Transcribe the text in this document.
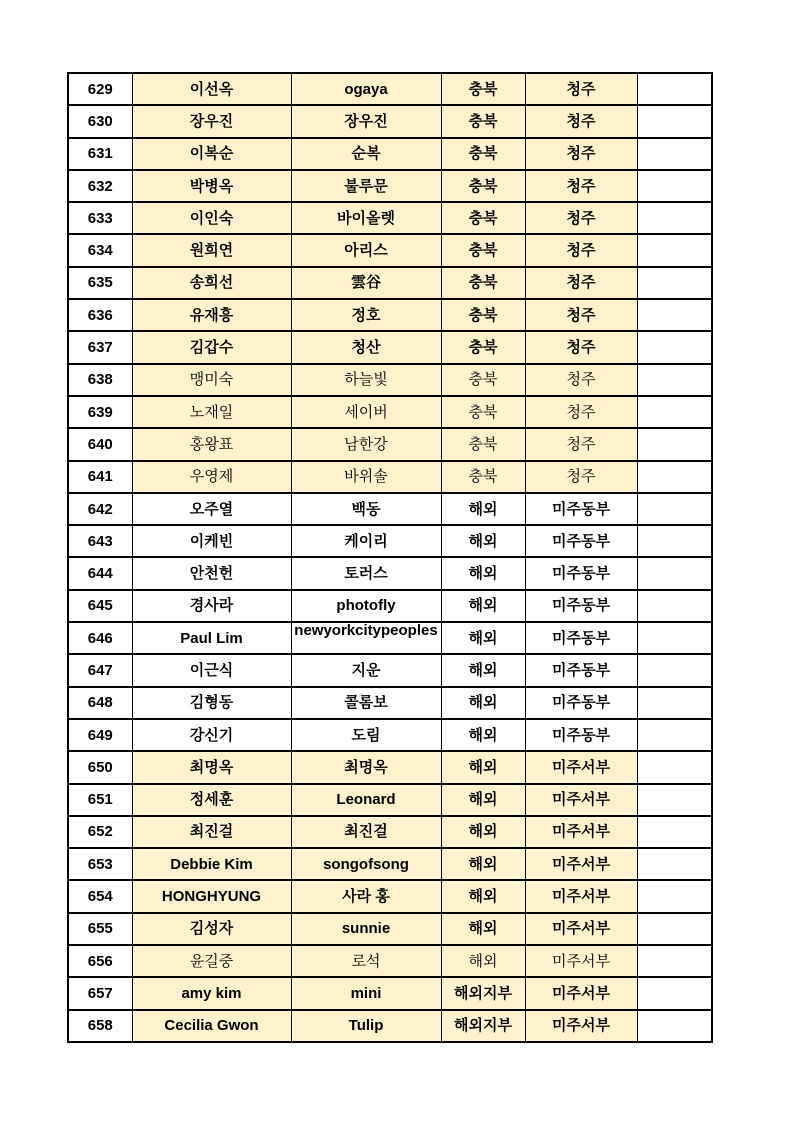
629	이선옥	ogaya	충북	청주	
630	장우진	장우진	충북	청주	
631	이복순	순복	충북	청주	
632	박병옥	불루문	충북	청주	
633	이인숙	바이올렛	충북	청주	
634	원희연	아리스	충북	청주	
635	송희선	雲谷	충북	청주	
636	유재흥	정호	충북	청주	
637	김갑수	청산	충북	청주	
638	맹미숙	하늘빛	충북	청주	
639	노재일	세이버	충북	청주	
640	홍왕표	남한강	충북	청주	
641	우영제	바위솔	충북	청주	
642	오주열	백동	해외	미주동부	
643	이케빈	케이리	해외	미주동부	
644	안천헌	토러스	해외	미주동부	
645	경사라	photofly	해외	미주동부	
646	Paul Lim	newyorkcitypeoples	해외	미주동부	
647	이근식	지운	해외	미주동부	
648	김형동	콜롬보	해외	미주동부	
649	강신기	도림	해외	미주동부	
650	최명옥	최명옥	해외	미주서부	
651	정세훈	Leonard	해외	미주서부	
652	최진걸	최진걸	해외	미주서부	
653	Debbie Kim	songofsong	해외	미주서부	
654	HONGHYUNG	사라 홍	해외	미주서부	
655	김성자	sunnie	해외	미주서부	
656	윤길중	로석	해외	미주서부	
657	amy kim	mini	해외지부	미주서부	
658	Cecilia Gwon	Tulip	해외지부	미주서부	
